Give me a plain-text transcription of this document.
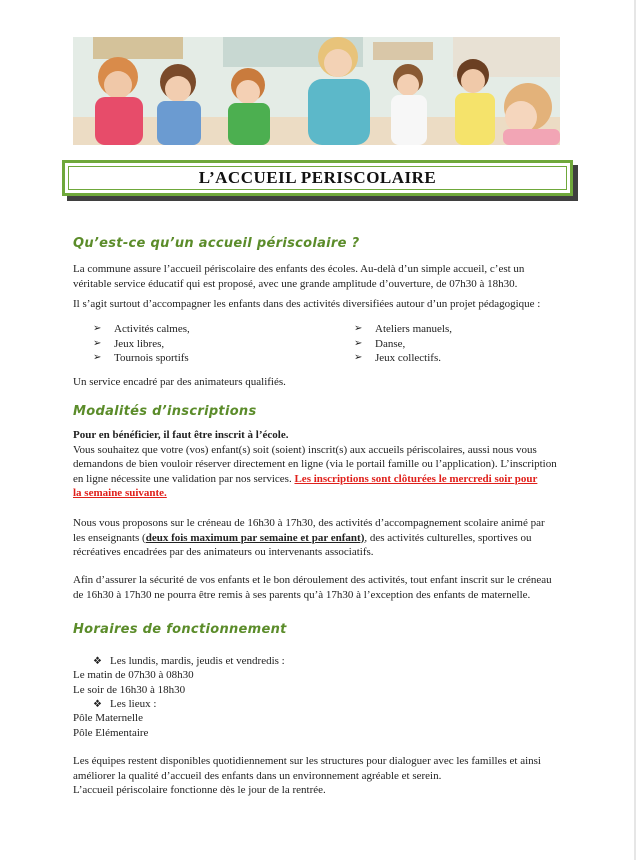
L’ACCUEIL PERISCOLAIRE
Qu’est-ce qu’un accueil périscolaire ?
La commune assure l’accueil périscolaire des enfants des écoles. Au-delà d’un simple accueil, c’est un
véritable service éducatif qui est proposé, avec une grande amplitude d’ouverture, de 07h30 à 18h30.
Il s’agit surtout d’accompagner les enfants dans des activités diversifiées autour d’un projet pédagogique :
➢ Activités calmes,
➢ Jeux libres,
➢ Tournois sportifs
➢ Ateliers manuels,
➢ Danse,
➢ Jeux collectifs.
Un service encadré par des animateurs qualifiés.
Modalités d’inscriptions
Pour en bénéficier, il faut être inscrit à l’école.
Vous souhaitez que votre (vos) enfant(s) soit (soient) inscrit(s) aux accueils périscolaires, aussi nous vous
demandons de bien vouloir réserver directement en ligne (via le portail famille ou l’application). L’inscription
en ligne nécessite une validation par nos services. Les inscriptions sont clôturées le mercredi soir pour
la semaine suivante.
Nous vous proposons sur le créneau de 16h30 à 17h30, des activités d’accompagnement scolaire animé par
les enseignants (deux fois maximum par semaine et par enfant), des activités culturelles, sportives ou
récréatives encadrées par des animateurs ou intervenants associatifs.
Afin d’assurer la sécurité de vos enfants et le bon déroulement des activités, tout enfant inscrit sur le créneau
de 16h30 à 17h30 ne pourra être remis à ses parents qu’à 17h30 à l’exception des enfants de maternelle.
Horaires de fonctionnement
❖ Les lundis, mardis, jeudis et vendredis :
Le matin de 07h30 à 08h30
Le soir de 16h30 à 18h30
❖ Les lieux :
Pôle Maternelle
Pôle Elémentaire
Les équipes restent disponibles quotidiennement sur les structures pour dialoguer avec les familles et ainsi
améliorer la qualité d’accueil des enfants dans un environnement agréable et serein.
L’accueil périscolaire fonctionne dès le jour de la rentrée.
